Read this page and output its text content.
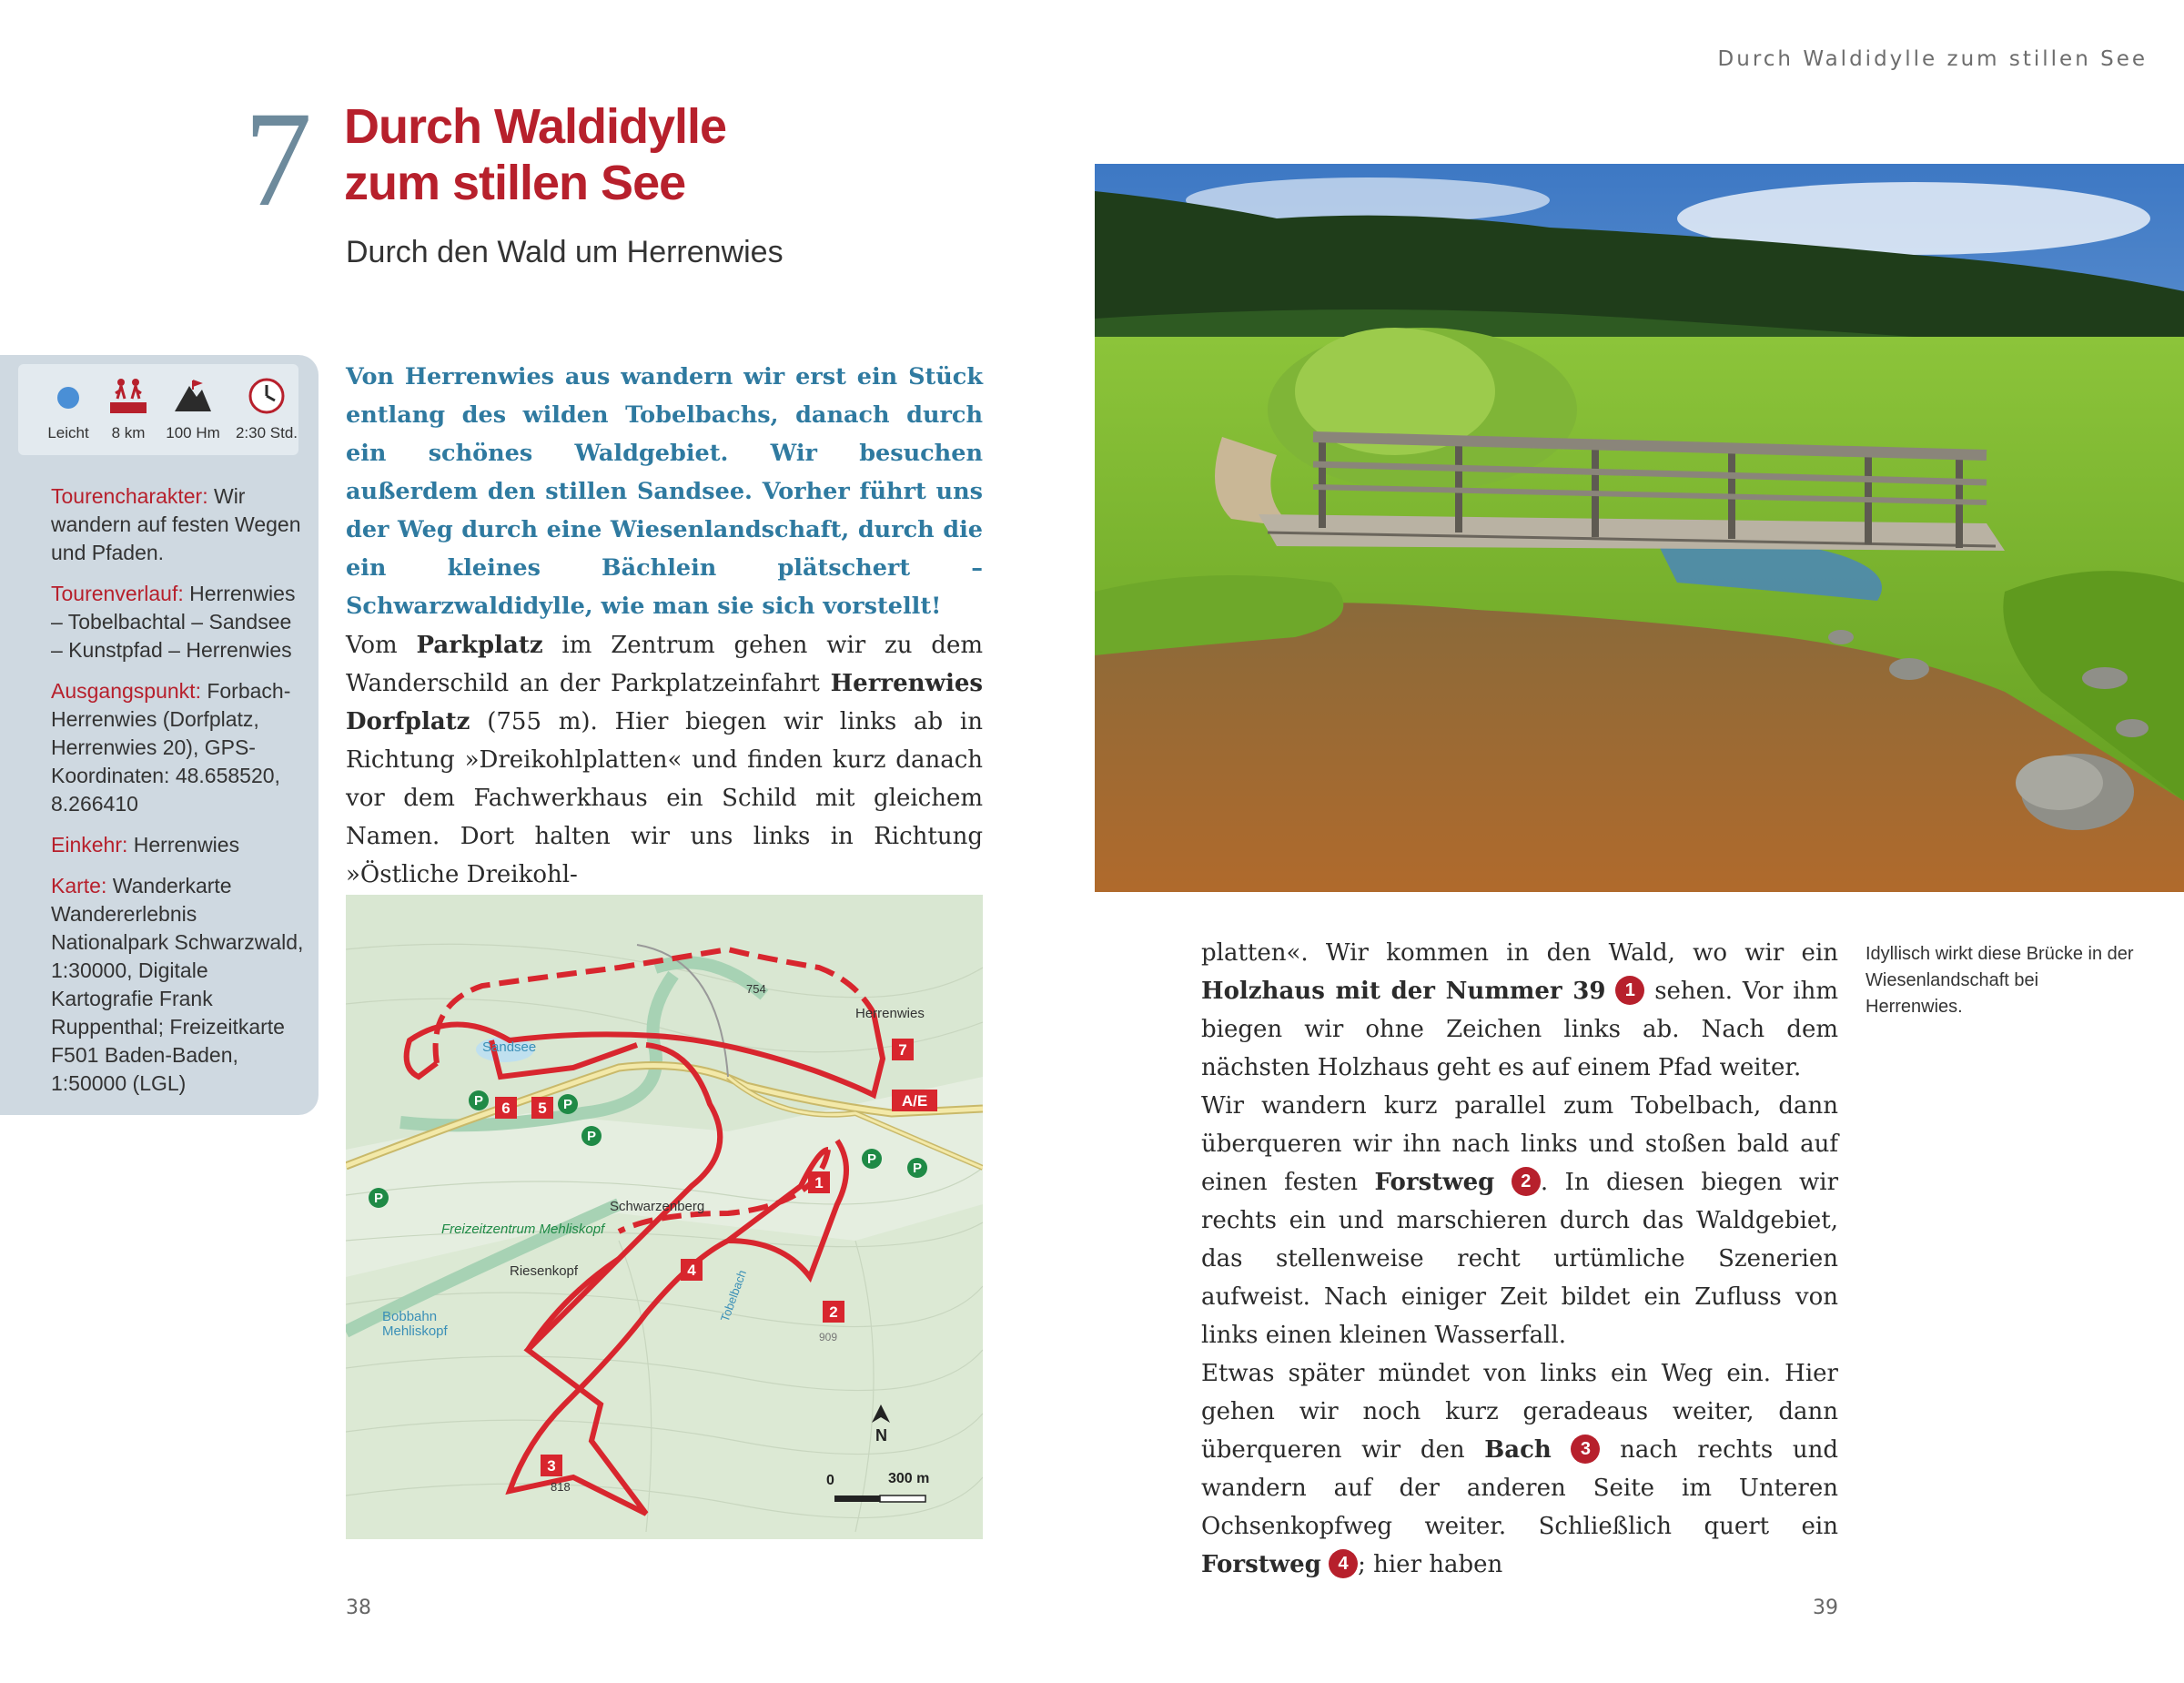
Durch Waldidylle zum stillen See
7 Durch Waldidylle
zum stillen See
Durch den Wald um Herrenwies
Leicht	8 km	100 Hm	2:30 Std.

Tourencharakter: Wir wandern auf festen Wegen und Pfaden.

Tourenverlauf: Herrenwies – Tobelbachtal – Sandsee – Kunstpfad – Herrenwies

Ausgangspunkt: Forbach-Herrenwies (Dorfplatz, Herrenwies 20), GPS-Koordinaten: 48.658520, 8.266410

Einkehr: Herrenwies

Karte: Wanderkarte Wandererlebnis Nationalpark Schwarzwald, 1:30000, Digitale Kartografie Frank Ruppenthal; Freizeitkarte F501 Baden-Baden, 1:50000 (LGL)

Von Herrenwies aus wandern wir erst ein Stück entlang des wilden Tobelbachs, danach durch ein schönes Waldgebiet. Wir besuchen außerdem den stillen Sandsee. Vorher führt uns der Weg durch eine Wiesenlandschaft, durch die ein kleines Bächlein plätschert – Schwarzwaldidylle, wie man sie sich vorstellt!

Vom Parkplatz im Zentrum gehen wir zu dem Wanderschild an der Parkplatzeinfahrt Herrenwies Dorfplatz (755 m). Hier biegen wir links ab in Richtung »Dreikohlplatten« und finden kurz danach vor dem Fachwerkhaus ein Schild mit gleichem Namen. Dort halten wir uns links in Richtung »Östliche Dreikohl-

P	P
P
P
P
P
1
2
3
4
5
6
7
A/E
Herrenwies
Sandsee
754
Schwarzenberg
Freizeitzentrum Mehliskopf
Riesenkopf
Bobbahn
Mehliskopf
Tobelbach
818
909
N
0	300 m

platten«. Wir kommen in den Wald, wo wir ein Holzhaus mit der Nummer 39 1 sehen. Vor ihm biegen wir ohne Zeichen links ab. Nach dem nächsten Holzhaus geht es auf einem Pfad weiter.

Wir wandern kurz parallel zum Tobelbach, dann überqueren wir ihn nach links und stoßen bald auf einen festen Forstweg 2 . In diesen biegen wir rechts ein und marschieren durch das Waldgebiet, das stellenweise recht urtümliche Szenerien aufweist. Nach einiger Zeit bildet ein Zufluss von links einen kleinen Wasserfall.

Etwas später mündet von links ein Weg ein. Hier gehen wir noch kurz geradeaus weiter, dann überqueren wir den Bach 3 nach rechts und wandern auf der anderen Seite im Unteren Ochsenkopfweg weiter. Schließlich quert ein Forstweg 4 ; hier haben

Idyllisch wirkt diese Brücke in der Wiesenlandschaft bei Herrenwies.
38	39
